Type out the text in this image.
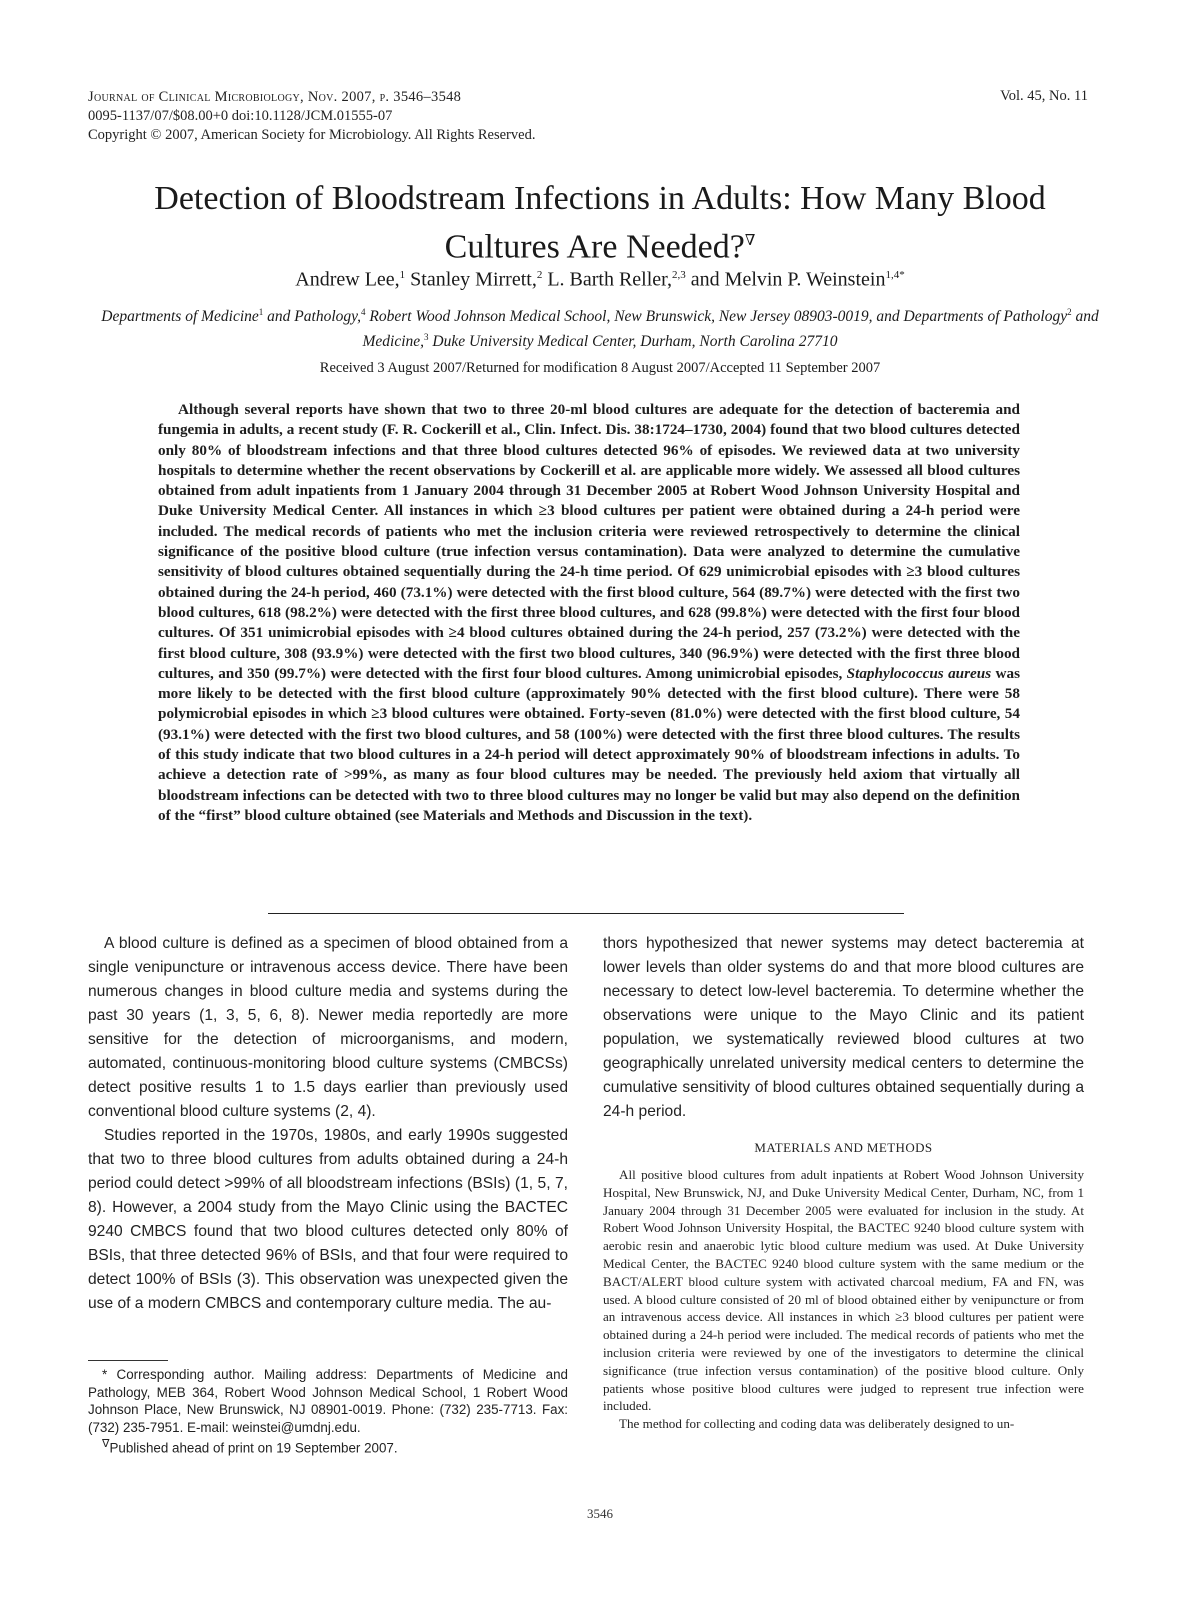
Journal of Clinical Microbiology, Nov. 2007, p. 3546–3548
0095-1137/07/$08.00+0 doi:10.1128/JCM.01555-07
Copyright © 2007, American Society for Microbiology. All Rights Reserved.
Vol. 45, No. 11
Detection of Bloodstream Infections in Adults: How Many Blood Cultures Are Needed?∇
Andrew Lee,$^1$ Stanley Mirrett,$^2$ L. Barth Reller,$^{2,3}$ and Melvin P. Weinstein$^{1,4*}$
Departments of Medicine$^1$ and Pathology,$^4$ Robert Wood Johnson Medical School, New Brunswick, New Jersey 08903-0019, and Departments of Pathology$^2$ and Medicine,$^3$ Duke University Medical Center, Durham, North Carolina 27710
Received 3 August 2007/Returned for modification 8 August 2007/Accepted 11 September 2007
Although several reports have shown that two to three 20-ml blood cultures are adequate for the detection of bacteremia and fungemia in adults, a recent study (F. R. Cockerill et al., Clin. Infect. Dis. 38:1724–1730, 2004) found that two blood cultures detected only 80% of bloodstream infections and that three blood cultures detected 96% of episodes. We reviewed data at two university hospitals to determine whether the recent observations by Cockerill et al. are applicable more widely. We assessed all blood cultures obtained from adult inpatients from 1 January 2004 through 31 December 2005 at Robert Wood Johnson University Hospital and Duke University Medical Center. All instances in which ≥3 blood cultures per patient were obtained during a 24-h period were included. The medical records of patients who met the inclusion criteria were reviewed retrospectively to determine the clinical significance of the positive blood culture (true infection versus contamination). Data were analyzed to determine the cumulative sensitivity of blood cultures obtained sequentially during the 24-h time period. Of 629 unimicrobial episodes with ≥3 blood cultures obtained during the 24-h period, 460 (73.1%) were detected with the first blood culture, 564 (89.7%) were detected with the first two blood cultures, 618 (98.2%) were detected with the first three blood cultures, and 628 (99.8%) were detected with the first four blood cultures. Of 351 unimicrobial episodes with ≥4 blood cultures obtained during the 24-h period, 257 (73.2%) were detected with the first blood culture, 308 (93.9%) were detected with the first two blood cultures, 340 (96.9%) were detected with the first three blood cultures, and 350 (99.7%) were detected with the first four blood cultures. Among unimicrobial episodes, Staphylococcus aureus was more likely to be detected with the first blood culture (approximately 90% detected with the first blood culture). There were 58 polymicrobial episodes in which ≥3 blood cultures were obtained. Forty-seven (81.0%) were detected with the first blood culture, 54 (93.1%) were detected with the first two blood cultures, and 58 (100%) were detected with the first three blood cultures. The results of this study indicate that two blood cultures in a 24-h period will detect approximately 90% of bloodstream infections in adults. To achieve a detection rate of >99%, as many as four blood cultures may be needed. The previously held axiom that virtually all bloodstream infections can be detected with two to three blood cultures may no longer be valid but may also depend on the definition of the “first” blood culture obtained (see Materials and Methods and Discussion in the text).

A blood culture is defined as a specimen of blood obtained from a single venipuncture or intravenous access device. There have been numerous changes in blood culture media and systems during the past 30 years (1, 3, 5, 6, 8). Newer media reportedly are more sensitive for the detection of microorganisms, and modern, automated, continuous-monitoring blood culture systems (CMBCSs) detect positive results 1 to 1.5 days earlier than previously used conventional blood culture systems (2, 4).

Studies reported in the 1970s, 1980s, and early 1990s suggested that two to three blood cultures from adults obtained during a 24-h period could detect >99% of all bloodstream infections (BSIs) (1, 5, 7, 8). However, a 2004 study from the Mayo Clinic using the BACTEC 9240 CMBCS found that two blood cultures detected only 80% of BSIs, that three detected 96% of BSIs, and that four were required to detect 100% of BSIs (3). This observation was unexpected given the use of a modern CMBCS and contemporary culture media. The au-

thors hypothesized that newer systems may detect bacteremia at lower levels than older systems do and that more blood cultures are necessary to detect low-level bacteremia. To determine whether the observations were unique to the Mayo Clinic and its patient population, we systematically reviewed blood cultures at two geographically unrelated university medical centers to determine the cumulative sensitivity of blood cultures obtained sequentially during a 24-h period.

MATERIALS AND METHODS

All positive blood cultures from adult inpatients at Robert Wood Johnson University Hospital, New Brunswick, NJ, and Duke University Medical Center, Durham, NC, from 1 January 2004 through 31 December 2005 were evaluated for inclusion in the study. At Robert Wood Johnson University Hospital, the BACTEC 9240 blood culture system with aerobic resin and anaerobic lytic blood culture medium was used. At Duke University Medical Center, the BACTEC 9240 blood culture system with the same medium or the BACT/ALERT blood culture system with activated charcoal medium, FA and FN, was used. A blood culture consisted of 20 ml of blood obtained either by venipuncture or from an intravenous access device. All instances in which ≥3 blood cultures per patient were obtained during a 24-h period were included. The medical records of patients who met the inclusion criteria were reviewed by one of the investigators to determine the clinical significance (true infection versus contamination) of the positive blood culture. Only patients whose positive blood cultures were judged to represent true infection were included.

The method for collecting and coding data was deliberately designed to un-

* Corresponding author. Mailing address: Departments of Medicine and Pathology, MEB 364, Robert Wood Johnson Medical School, 1 Robert Wood Johnson Place, New Brunswick, NJ 08901-0019. Phone: (732) 235-7713. Fax: (732) 235-7951. E-mail: weinstei@umdnj.edu.

∇Published ahead of print on 19 September 2007.

3546
